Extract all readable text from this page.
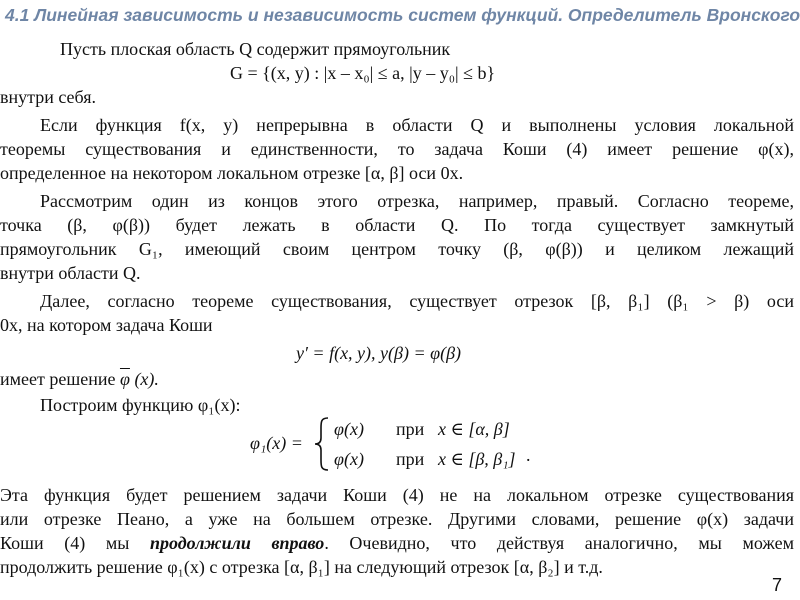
4.1 Линейная зависимость и независимость систем функций. Определитель Вронского
Пусть плоская область Q содержит прямоугольник
G = {(x, y) : |x – x₀| ≤ a, |y – y₀| ≤ b}
внутри себя.
Если функция f(x, y) непрерывна в области Q и выполнены условия локальной
теоремы существования и единственности, то задача Коши (4) имеет решение φ(x),
определенное на некотором локальном отрезке [α, β] оси 0x.
Рассмотрим один из концов этого отрезка, например, правый. Согласно теореме,
точка (β, φ(β)) будет лежать в области Q. По тогда существует замкнутый
прямоугольник G₁, имеющий своим центром точку (β, φ(β)) и целиком лежащий
внутри области Q.
Далее, согласно теореме существования, существует отрезок [β, β₁] (β₁ > β) оси
0x, на котором задача Коши
y′ = f(x, y), y(β) = φ(β)
имеет решение $\overline{\varphi}$ (x).
Построим функцию φ₁(x):
φ₁(x) =
φ(x) при x ∈ [α, β]
φ(x) при x ∈ [β, β₁] .
Эта функция будет решением задачи Коши (4) не на локальном отрезке существования
или отрезке Пеано, а уже на большем отрезке. Другими словами, решение φ(x) задачи
Коши (4) мы продолжили вправо. Очевидно, что действуя аналогично, мы можем
продолжить решение φ₁(x) с отрезка [α, β₁] на следующий отрезок [α, β₂] и т.д.
7
